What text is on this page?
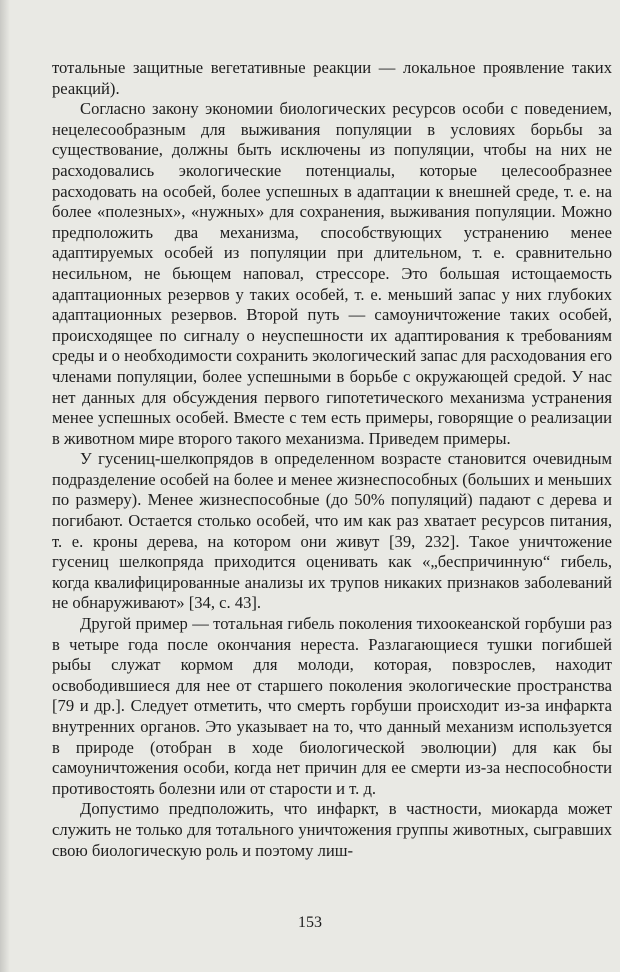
тотальные защитные вегетативные реакции — локальное проявление таких реакций).

Согласно закону экономии биологических ресурсов особи с поведением, нецелесообразным для выживания популяции в условиях борьбы за существование, должны быть исключены из популяции, чтобы на них не расходовались экологические потенциалы, которые целесообразнее расходовать на особей, более успешных в адаптации к внешней среде, т. е. на более «полезных», «нужных» для сохранения, выживания популяции. Можно предположить два механизма, способствующих устранению менее адаптируемых особей из популяции при длительном, т. е. сравнительно несильном, не бьющем наповал, стрессоре. Это большая истощаемость адаптационных резервов у таких особей, т. е. меньший запас у них глубоких адаптационных резервов. Второй путь — самоуничтожение таких особей, происходящее по сигналу о неуспешности их адаптирования к требованиям среды и о необходимости сохранить экологический запас для расходования его членами популяции, более успешными в борьбе с окружающей средой. У нас нет данных для обсуждения первого гипотетического механизма устранения менее успешных особей. Вместе с тем есть примеры, говорящие о реализации в животном мире второго такого механизма. Приведем примеры.

У гусениц-шелкопрядов в определенном возрасте становится очевидным подразделение особей на более и менее жизнеспособных (больших и меньших по размеру). Менее жизнеспособные (до 50% популяций) падают с дерева и погибают. Остается столько особей, что им как раз хватает ресурсов питания, т. е. кроны дерева, на котором они живут [39, 232]. Такое уничтожение гусениц шелкопряда приходится оценивать как «„беспричинную“ гибель, когда квалифицированные анализы их трупов никаких признаков заболеваний не обнаруживают» [34, с. 43].

Другой пример — тотальная гибель поколения тихоокеанской горбуши раз в четыре года после окончания нереста. Разлагающиеся тушки погибшей рыбы служат кормом для молоди, которая, повзрослев, находит освободившиеся для нее от старшего поколения экологические пространства [79 и др.]. Следует отметить, что смерть горбуши происходит из-за инфаркта внутренних органов. Это указывает на то, что данный механизм используется в природе (отобран в ходе биологической эволюции) для как бы самоуничтожения особи, когда нет причин для ее смерти из-за неспособности противостоять болезни или от старости и т. д.

Допустимо предположить, что инфаркт, в частности, миокарда может служить не только для тотального уничтожения группы животных, сыгравших свою биологическую роль и поэтому лиш-

153
